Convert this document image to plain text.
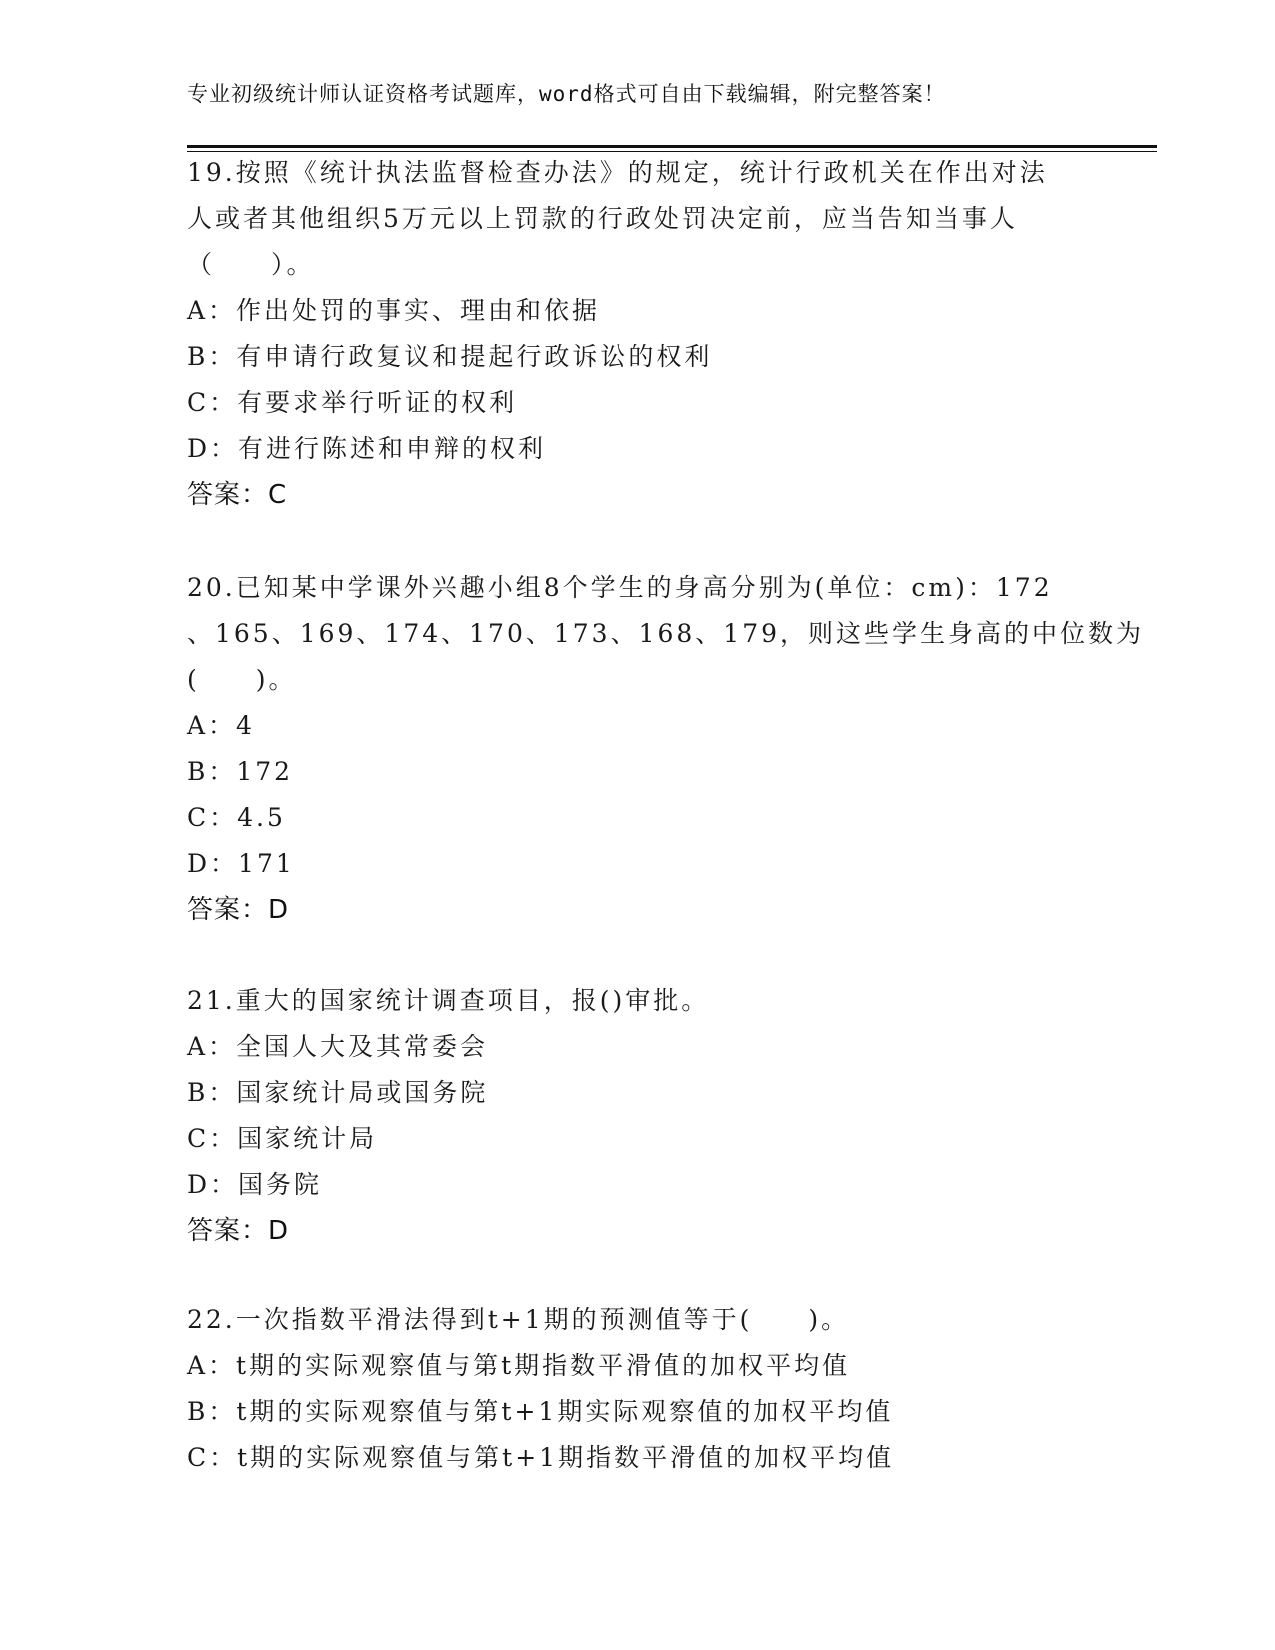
专业初级统计师认证资格考试题库，word格式可自由下载编辑，附完整答案！
19.按照《统计执法监督检查办法》的规定，统计行政机关在作出对法
人或者其他组织5万元以上罚款的行政处罚决定前，应当告知当事人
（　　）。
A：作出处罚的事实、理由和依据
B：有申请行政复议和提起行政诉讼的权利
C：有要求举行听证的权利
D：有进行陈述和申辩的权利
答案：C
20.已知某中学课外兴趣小组8个学生的身高分别为(单位：cm)：172
、165、169、174、170、173、168、179，则这些学生身高的中位数为
(　　)。
A：4
B：172
C：4.5
D：171
答案：D
21.重大的国家统计调查项目，报()审批。
A：全国人大及其常委会
B：国家统计局或国务院
C：国家统计局
D：国务院
答案：D
22.一次指数平滑法得到t+1期的预测值等于(　　)。
A：t期的实际观察值与第t期指数平滑值的加权平均值
B：t期的实际观察值与第t+1期实际观察值的加权平均值
C：t期的实际观察值与第t+1期指数平滑值的加权平均值
